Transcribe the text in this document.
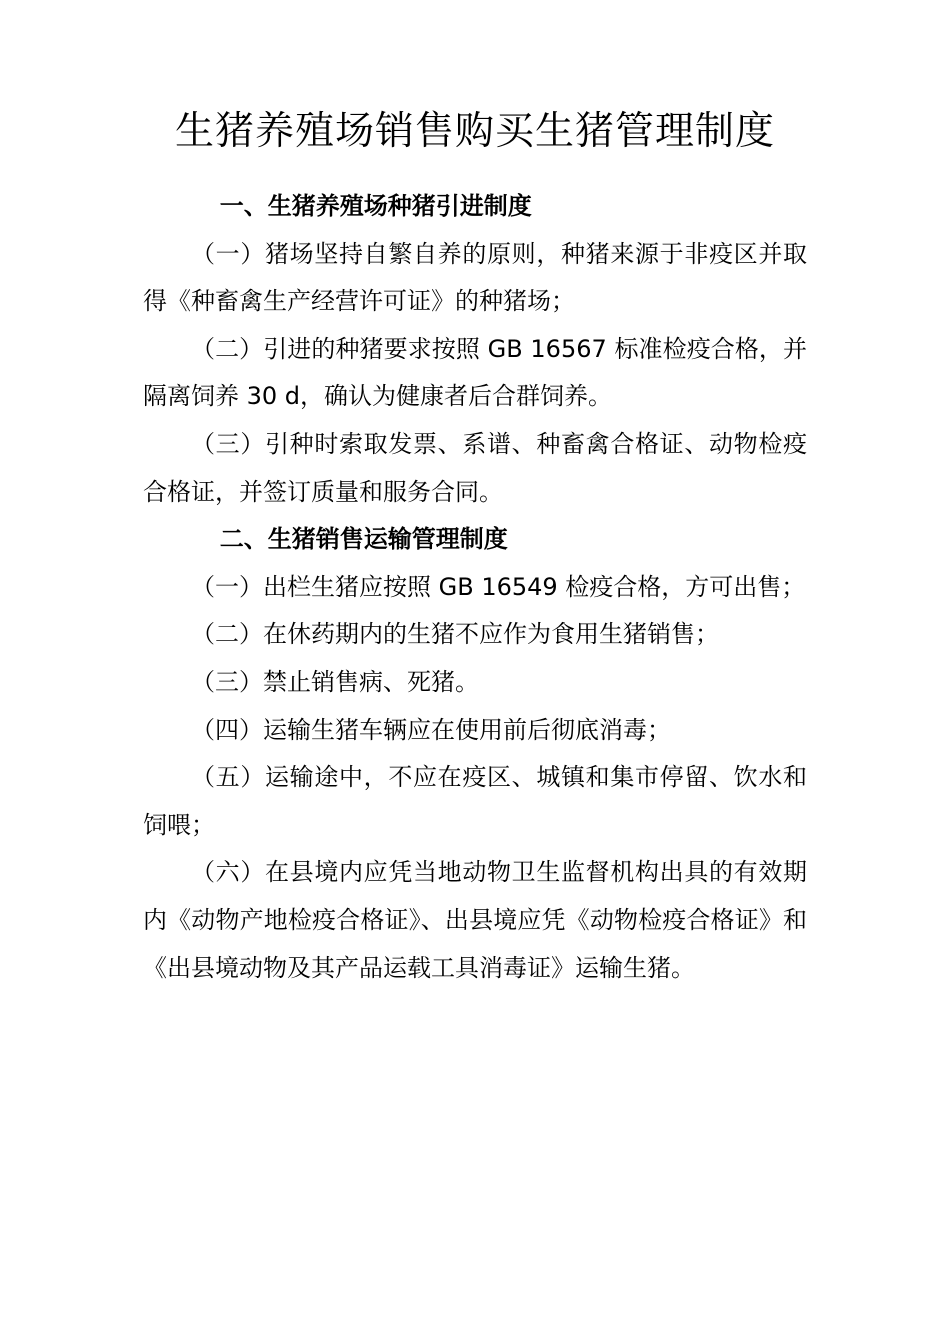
生猪养殖场销售购买生猪管理制度

一、生猪养殖场种猪引进制度

（一）猪场坚持自繁自养的原则，种猪来源于非疫区并取得《种畜禽生产经营许可证》的种猪场；

（二）引进的种猪要求按照 GB 16567 标准检疫合格，并隔离饲养 30 d，确认为健康者后合群饲养。

（三）引种时索取发票、系谱、种畜禽合格证、动物检疫合格证，并签订质量和服务合同。

二、生猪销售运输管理制度

（一）出栏生猪应按照 GB 16549 检疫合格，方可出售；

（二）在休药期内的生猪不应作为食用生猪销售；

（三）禁止销售病、死猪。

（四）运输生猪车辆应在使用前后彻底消毒；

（五）运输途中，不应在疫区、城镇和集市停留、饮水和饲喂；

（六）在县境内应凭当地动物卫生监督机构出具的有效期内《动物产地检疫合格证》、出县境应凭《动物检疫合格证》和《出县境动物及其产品运载工具消毒证》运输生猪。
